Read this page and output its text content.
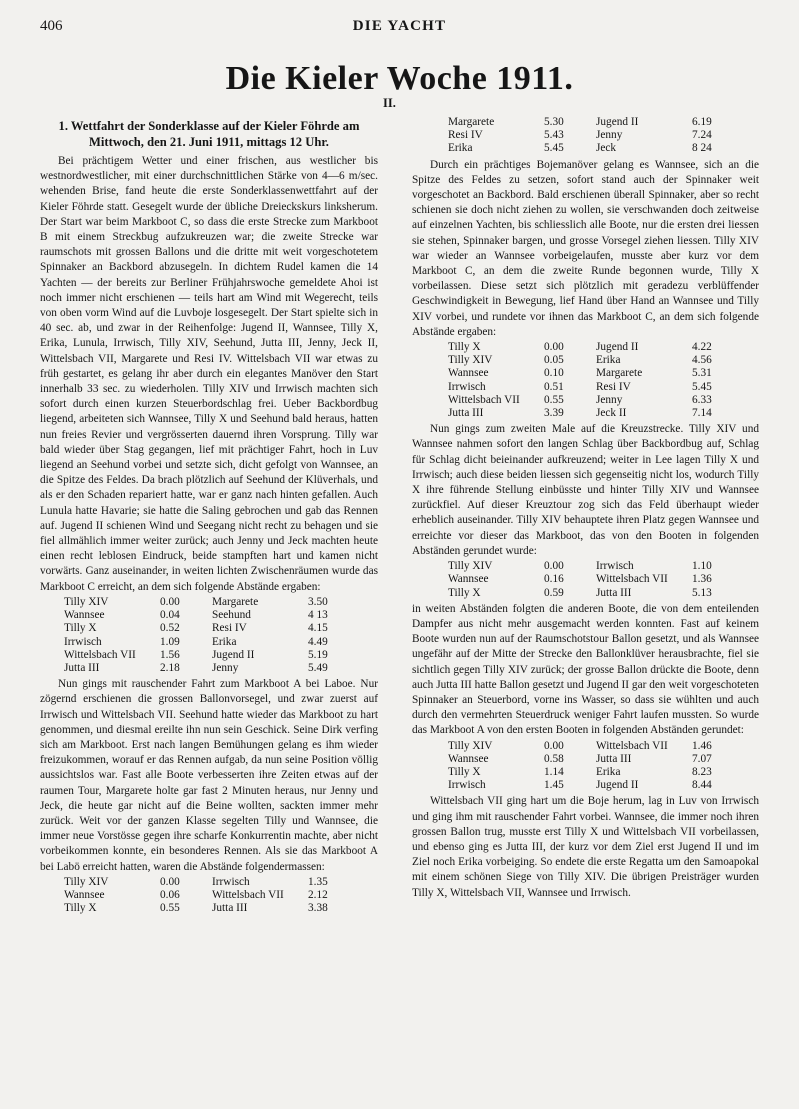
406	DIE YACHT
Die Kieler Woche 1911.
II.
1. Wettfahrt der Sonderklasse auf der Kieler Föhrde am Mittwoch, den 21. Juni 1911, mittags 12 Uhr.

Bei prächtigem Wetter und einer frischen, aus westlicher bis westnordwestlicher, mit einer durchschnittlichen Stärke von 4—6 m/sec. wehenden Brise, fand heute die erste Sonderklassenwettfahrt auf der Kieler Föhrde statt. Gesegelt wurde der übliche Dreieckskurs linksherum. Der Start war beim Markboot C, so dass die erste Strecke zum Markboot B mit einem Streckbug aufzukreuzen war; die zweite Strecke war raumschots mit grossen Ballons und die dritte mit weit vorgeschotetem Spinnaker an Backbord abzusegeln. In dichtem Rudel kamen die 14 Yachten — der bereits zur Berliner Frühjahrswoche gemeldete Ahoi ist noch immer nicht erschienen — teils hart am Wind mit Wegerecht, teils von oben vorm Wind auf die Luvboje losgesegelt. Der Start spielte sich in 40 sec. ab, und zwar in der Reihenfolge: Jugend II, Wannsee, Tilly X, Erika, Lunula, Irrwisch, Tilly XIV, Seehund, Jutta III, Jenny, Jeck II, Wittelsbach VII, Margarete und Resi IV. Wittelsbach VII war etwas zu früh gestartet, es gelang ihr aber durch ein elegantes Manöver den Start innerhalb 33 sec. zu wiederholen. Tilly XIV und Irrwisch machten sich sofort durch einen kurzen Steuerbordschlag frei. Ueber Backbordbug liegend, arbeiteten sich Wannsee, Tilly X und Seehund bald heraus, hatten nun freies Revier und vergrösserten dauernd ihren Vorsprung. Tilly war bald wieder über Stag gegangen, lief mit prächtiger Fahrt, hoch in Luv liegend an Seehund vorbei und setzte sich, dicht gefolgt von Wannsee, an die Spitze des Feldes. Da brach plötzlich auf Seehund der Klüverhals, und als er den Schaden repariert hatte, war er ganz nach hinten gefallen. Auch Lunula hatte Havarie; sie hatte die Saling gebrochen und gab das Rennen auf. Jugend II schienen Wind und Seegang nicht recht zu behagen und sie fiel allmählich immer weiter zurück; auch Jenny und Jeck machten heute einen recht leblosen Eindruck, beide stampften hart und kamen nicht vorwärts. Ganz auseinander, in weiten lichten Zwischenräumen wurde das Markboot C erreicht, an dem sich folgende Abstände ergaben:

Tilly XIV	0.00	Margarete	3.50
Wannsee	0.04	Seehund	4 13
Tilly X	0.52	Resi IV	4.15
Irrwisch	1.09	Erika	4.49
Wittelsbach VII	1.56	Jugend II	5.19
Jutta III	2.18	Jenny	5.49

Nun gings mit rauschender Fahrt zum Markboot A bei Laboe. Nur zögernd erschienen die grossen Ballonvorsegel, und zwar zuerst auf Irrwisch und Wittelsbach VII. Seehund hatte wieder das Markboot zu hart genommen, und diesmal ereilte ihn nun sein Geschick. Seine Dirk verfing sich am Markboot. Erst nach langen Bemühungen gelang es ihm wieder freizukommen, worauf er das Rennen aufgab, da nun seine Position völlig aussichtslos war. Fast alle Boote verbesserten ihre Zeiten etwas auf der raumen Tour, Margarete holte gar fast 2 Minuten heraus, nur Jenny und Jeck, die heute gar nicht auf die Beine wollten, sackten immer mehr zurück. Weit vor der ganzen Klasse segelten Tilly und Wannsee, die immer neue Vorstösse gegen ihre scharfe Konkurrentin machte, aber nicht vorbeikommen konnte, ein besonderes Rennen. Als sie das Markboot A bei Labö erreicht hatten, waren die Abstände folgendermassen:

Tilly XIV	0.00	Irrwisch	1.35
Wannsee	0.06	Wittelsbach VII	2.12
Tilly X	0.55	Jutta III	3.38
Margarete	5.30	Jugend II	6.19
Resi IV	5.43	Jenny	7.24
Erika	5.45	Jeck	8 24

Durch ein prächtiges Bojemanöver gelang es Wannsee, sich an die Spitze des Feldes zu setzen, sofort stand auch der Spinnaker weit vorgeschotet an Backbord. Bald erschienen überall Spinnaker, aber so recht schienen sie doch nicht ziehen zu wollen, sie verschwanden doch zeitweise auf einzelnen Yachten, bis schliesslich alle Boote, nur die ersten drei liessen sie stehen, Spinnaker bargen, und grosse Vorsegel ziehen liessen. Tilly XIV war wieder an Wannsee vorbeigelaufen, musste aber kurz vor dem Markboot C, an dem die zweite Runde begonnen wurde, Tilly X vorbeilassen. Diese setzt sich plötzlich mit geradezu verblüffender Geschwindigkeit in Bewegung, lief Hand über Hand an Wannsee und Tilly XIV vorbei, und rundete vor ihnen das Markboot C, an dem sich folgende Abstände ergaben:

Tilly X	0.00	Jugend II	4.22
Tilly XIV	0.05	Erika	4.56
Wannsee	0.10	Margarete	5.31
Irrwisch	0.51	Resi IV	5.45
Wittelsbach VII	0.55	Jenny	6.33
Jutta III	3.39	Jeck II	7.14

Nun gings zum zweiten Male auf die Kreuzstrecke. Tilly XIV und Wannsee nahmen sofort den langen Schlag über Backbordbug auf, Schlag für Schlag dicht beieinander aufkreuzend; weiter in Lee lagen Tilly X und Irrwisch; auch diese beiden liessen sich gegenseitig nicht los, wodurch Tilly X ihre führende Stellung einbüsste und hinter Tilly XIV und Wannsee zurückfiel. Auf dieser Kreuztour zog sich das Feld überhaupt wieder erheblich auseinander. Tilly XIV behauptete ihren Platz gegen Wannsee und erreichte vor dieser das Markboot, das von den Booten in folgenden Abständen gerundet wurde:

Tilly XIV	0.00	Irrwisch	1.10
Wannsee	0.16	Wittelsbach VII	1.36
Tilly X	0.59	Jutta III	5.13

in weiten Abständen folgten die anderen Boote, die von dem enteilenden Dampfer aus nicht mehr ausgemacht werden konnten. Fast auf keinem Boote wurden nun auf der Raumschotstour Ballon gesetzt, und als Wannsee ungefähr auf der Mitte der Strecke den Ballonklüver herausbrachte, fiel sie sichtlich gegen Tilly XIV zurück; der grosse Ballon drückte die Boote, denn auch Jutta III hatte Ballon gesetzt und Jugend II gar den weit vorgeschoteten Spinnaker an Steuerbord, vorne ins Wasser, so dass sie wühlten und auch durch den vermehrten Steuerdruck weniger Fahrt laufen mussten. So wurde das Markboot A von den ersten Booten in folgenden Abständen gerundet:

Tilly XIV	0.00	Wittelsbach VII	1.46
Wannsee	0.58	Jutta III	7.07
Tilly X	1.14	Erika	8.23
Irrwisch	1.45	Jugend II	8.44

Wittelsbach VII ging hart um die Boje herum, lag in Luv von Irrwisch und ging ihm mit rauschender Fahrt vorbei. Wannsee, die immer noch ihren grossen Ballon trug, musste erst Tilly X und Wittelsbach VII vorbeilassen, und ebenso ging es Jutta III, der kurz vor dem Ziel erst Jugend II und im Ziel noch Erika vorbeiging. So endete die erste Regatta um den Samoapokal mit einem schönen Siege von Tilly XIV. Die übrigen Preisträger wurden Tilly X, Wittelsbach VII, Wannsee und Irrwisch.
